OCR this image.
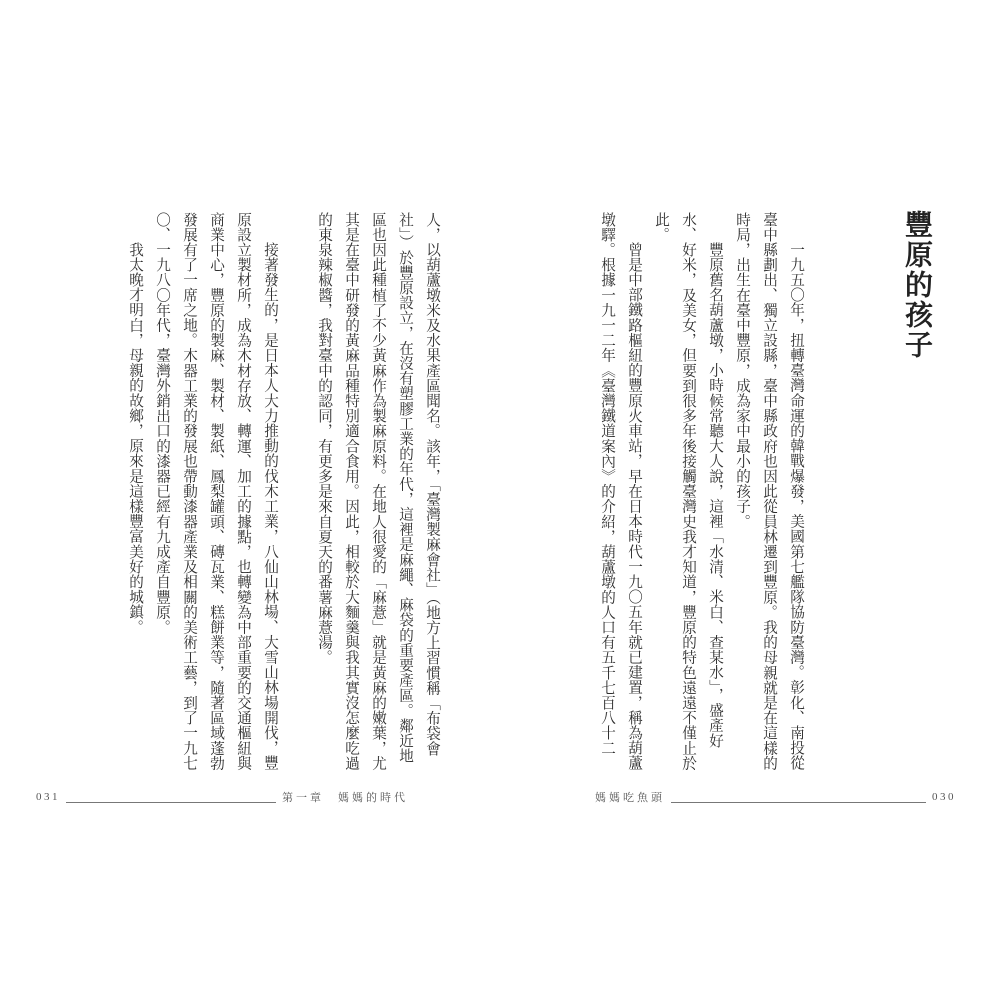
人，以葫蘆墩米及水果產區聞名。該年，「臺灣製麻會社」（地方上習慣稱「布袋會
社」）於豐原設立，在沒有塑膠工業的年代，這裡是麻繩、麻袋的重要產區。鄰近地
區也因此種植了不少黃麻作為製麻原料。在地人很愛的「麻薏」就是黃麻的嫩葉，尤
其是在臺中研發的黃麻品種特別適合食用。因此，相較於大麵羹與我其實沒怎麼吃過
的東泉辣椒醬，我對臺中的認同，有更多是來自夏天的番薯麻薏湯。
接著發生的，是日本人大力推動的伐木工業，八仙山林場、大雪山林場開伐，豐
原設立製材所，成為木材存放、轉運、加工的據點，也轉變為中部重要的交通樞紐與
商業中心，豐原的製麻、製材、製紙、鳳梨罐頭、磚瓦業、糕餅業等，隨著區域蓬勃
發展有了一席之地。木器工業的發展也帶動漆器產業及相關的美術工藝，到了一九七
〇、一九八〇年代，臺灣外銷出口的漆器已經有九成產自豐原。
我太晚才明白，母親的故鄉，原來是這樣豐富美好的城鎮。
031	第一章 媽媽的時代
豐原的孩子
一九五〇年，扭轉臺灣命運的韓戰爆發，美國第七艦隊協防臺灣。彰化、南投從
臺中縣劃出、獨立設縣，臺中縣政府也因此從員林遷到豐原。我的母親就是在這樣的
時局，出生在臺中豐原，成為家中最小的孩子。
豐原舊名葫蘆墩，小時候常聽大人說，這裡「水清、米白、查某水」，盛產好
水、好米，及美女，但要到很多年後接觸臺灣史我才知道，豐原的特色遠遠不僅止於
此。
曾是中部鐵路樞紐的豐原火車站，早在日本時代一九〇五年就已建置，稱為葫蘆
墩驛。根據一九一二年《臺灣鐵道案內》的介紹，葫蘆墩的人口有五千七百八十二
媽媽吃魚頭	030
